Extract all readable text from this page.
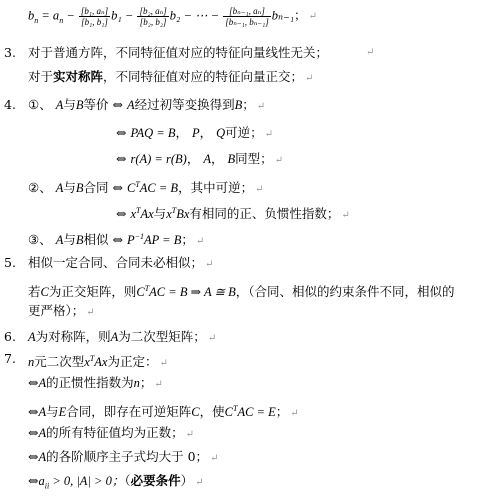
$b_n = a_n - \frac{\text{[b₁, aₙ]}}{\text{[b₁, b₁]}} b_1 - \frac{\text{[b₂, aₙ]}}{\text{[b₂, b₂]}} b_2$ − ⋯ − $\frac{\text{[bₙ₋₁, aₙ]}}{\text{[bₙ₋₁, bₙ₋₁]}} b_{n-1}$； ↵
3. 对于普通方阵，不同特征值对应的特征向量线性无关；	↵
对于实对称阵，不同特征值对应的特征向量正交； ↵
4. ①、 A与B等价 ⇔ A经过初等变换得到B； ↵
⇔ PAQ = B， P， Q可逆； ↵
⇔ r(A) = r(B)， A， B同型； ↵
②、 A与B合同 ⇔ $C^TAC = B$，其中可逆； ↵
⇔ $x^TAx$与$x^TBx$有相同的正、负惯性指数； ↵
③、 A与B相似 ⇔ $P^{-1}AP = B$； ↵
5. 相似一定合同、合同未必相似； ↵
若C为正交矩阵，则$C^TAC = B$ ⇒ A ≅ B，（合同、相似的约束条件不同，相似的
更严格）； ↵
6. A为对称阵，则A为二次型矩阵； ↵
7. n元二次型$x^TAx$为正定： ↵
⇔A的正惯性指数为n； ↵
⇔A与E合同，即存在可逆矩阵C，使$C^TAC = E$； ↵
⇔A的所有特征值均为正数； ↵
⇔A的各阶顺序主子式均大于 0； ↵
$\Leftrightarrow a_{ii} > 0$, |A| > 0；（必要条件） ↵
